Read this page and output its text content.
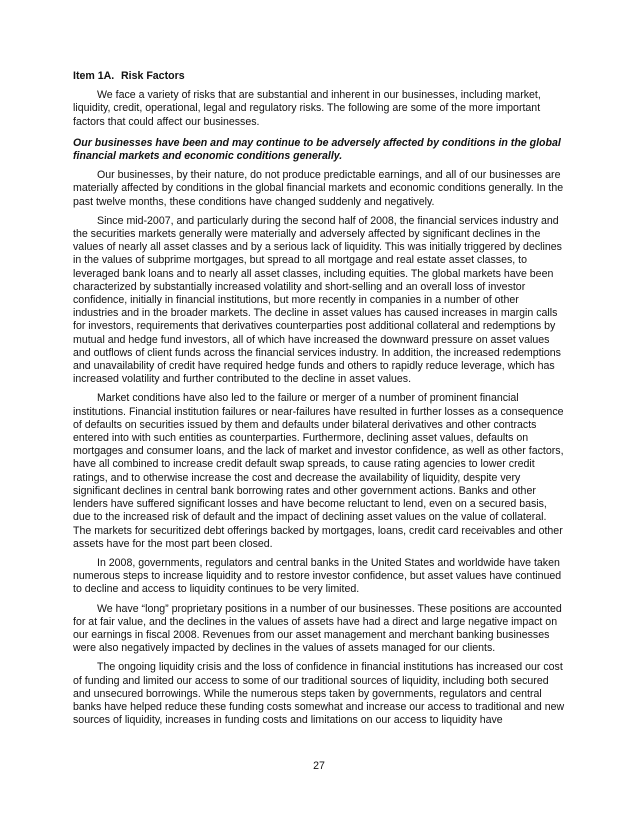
Item 1A. Risk Factors

We face a variety of risks that are substantial and inherent in our businesses, including market, liquidity, credit, operational, legal and regulatory risks. The following are some of the more important factors that could affect our businesses.

Our businesses have been and may continue to be adversely affected by conditions in the global financial markets and economic conditions generally.

Our businesses, by their nature, do not produce predictable earnings, and all of our businesses are materially affected by conditions in the global financial markets and economic conditions generally. In the past twelve months, these conditions have changed suddenly and negatively.

Since mid-2007, and particularly during the second half of 2008, the financial services industry and the securities markets generally were materially and adversely affected by significant declines in the values of nearly all asset classes and by a serious lack of liquidity. This was initially triggered by declines in the values of subprime mortgages, but spread to all mortgage and real estate asset classes, to leveraged bank loans and to nearly all asset classes, including equities. The global markets have been characterized by substantially increased volatility and short-selling and an overall loss of investor confidence, initially in financial institutions, but more recently in companies in a number of other industries and in the broader markets. The decline in asset values has caused increases in margin calls for investors, requirements that derivatives counterparties post additional collateral and redemptions by mutual and hedge fund investors, all of which have increased the downward pressure on asset values and outflows of client funds across the financial services industry. In addition, the increased redemptions and unavailability of credit have required hedge funds and others to rapidly reduce leverage, which has increased volatility and further contributed to the decline in asset values.

Market conditions have also led to the failure or merger of a number of prominent financial institutions. Financial institution failures or near-failures have resulted in further losses as a consequence of defaults on securities issued by them and defaults under bilateral derivatives and other contracts entered into with such entities as counterparties. Furthermore, declining asset values, defaults on mortgages and consumer loans, and the lack of market and investor confidence, as well as other factors, have all combined to increase credit default swap spreads, to cause rating agencies to lower credit ratings, and to otherwise increase the cost and decrease the availability of liquidity, despite very significant declines in central bank borrowing rates and other government actions. Banks and other lenders have suffered significant losses and have become reluctant to lend, even on a secured basis, due to the increased risk of default and the impact of declining asset values on the value of collateral. The markets for securitized debt offerings backed by mortgages, loans, credit card receivables and other assets have for the most part been closed.

In 2008, governments, regulators and central banks in the United States and worldwide have taken numerous steps to increase liquidity and to restore investor confidence, but asset values have continued to decline and access to liquidity continues to be very limited.

We have “long” proprietary positions in a number of our businesses. These positions are accounted for at fair value, and the declines in the values of assets have had a direct and large negative impact on our earnings in fiscal 2008. Revenues from our asset management and merchant banking businesses were also negatively impacted by declines in the values of assets managed for our clients.

The ongoing liquidity crisis and the loss of confidence in financial institutions has increased our cost of funding and limited our access to some of our traditional sources of liquidity, including both secured and unsecured borrowings. While the numerous steps taken by governments, regulators and central banks have helped reduce these funding costs somewhat and increase our access to traditional and new sources of liquidity, increases in funding costs and limitations on our access to liquidity have

27
